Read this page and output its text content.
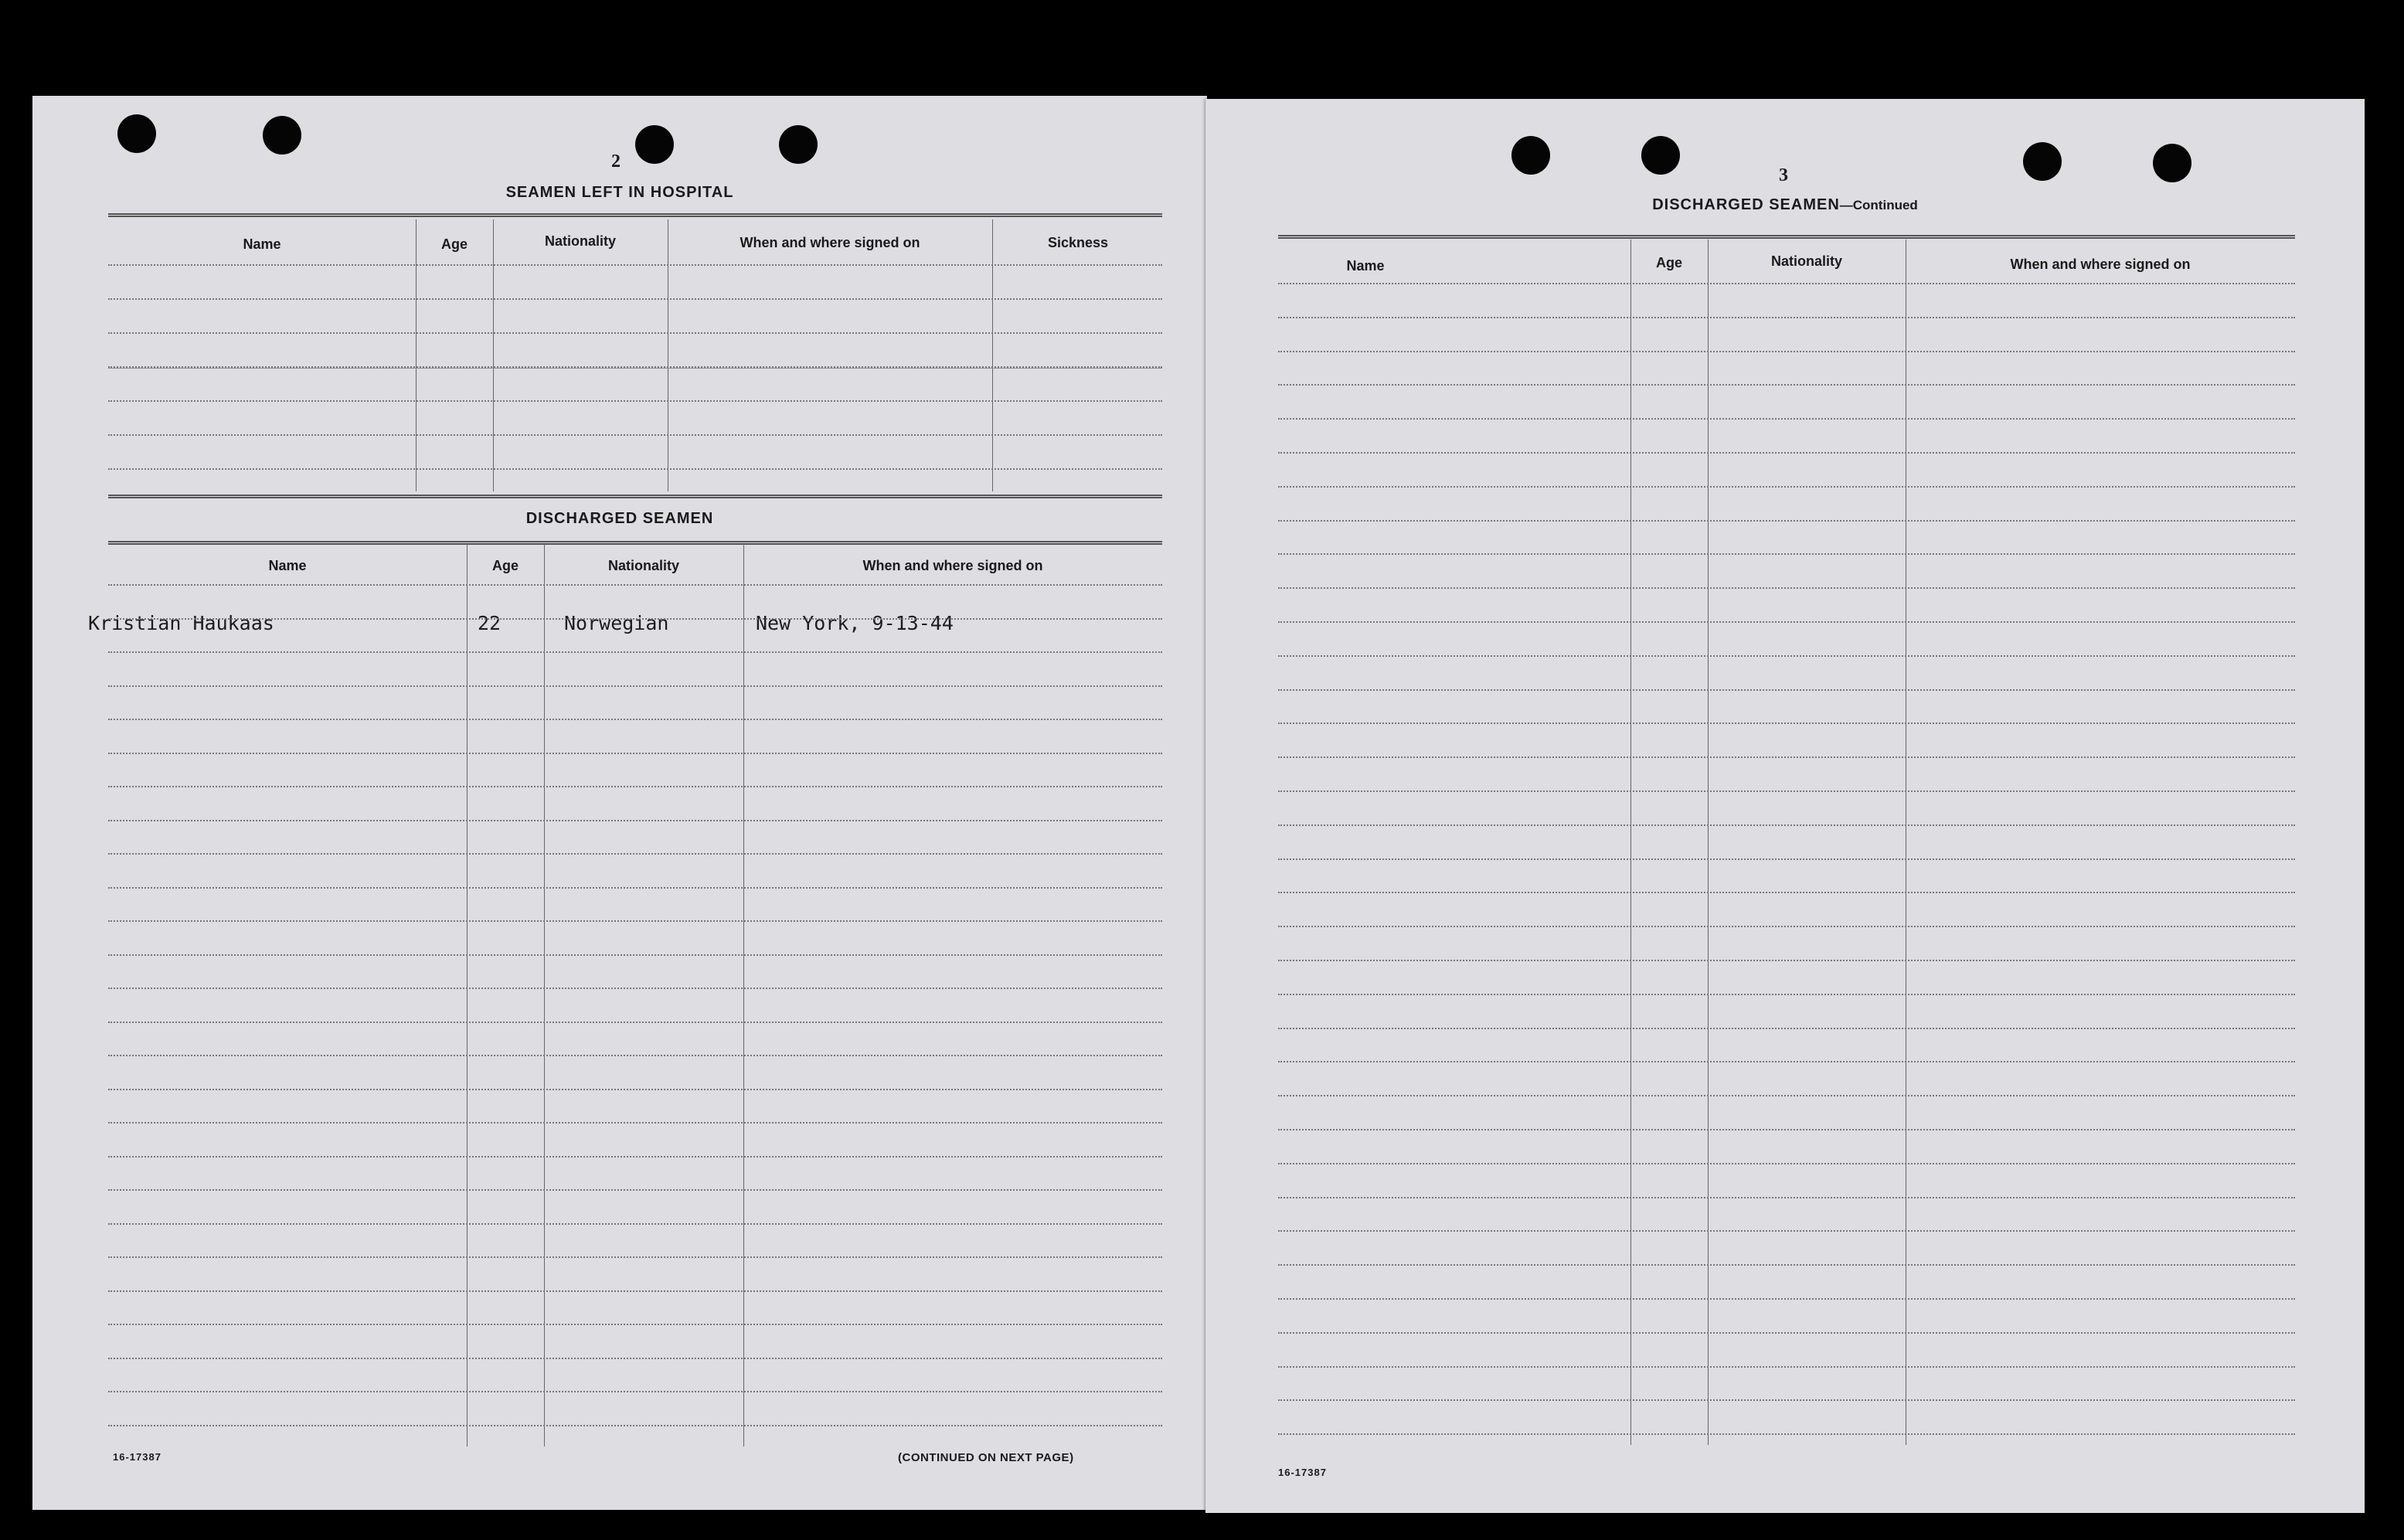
2
SEAMEN LEFT IN HOSPITAL
Name	Age	Nationality	When and where signed on	Sickness
DISCHARGED SEAMEN
Name	Age	Nationality	When and where signed on
Kristian Haukaas	22	Norwegian	New York, 9-13-44
16-17387	(CONTINUED ON NEXT PAGE)
3
DISCHARGED SEAMEN—Continued
Name	Age	Nationality	When and where signed on
16-17387
